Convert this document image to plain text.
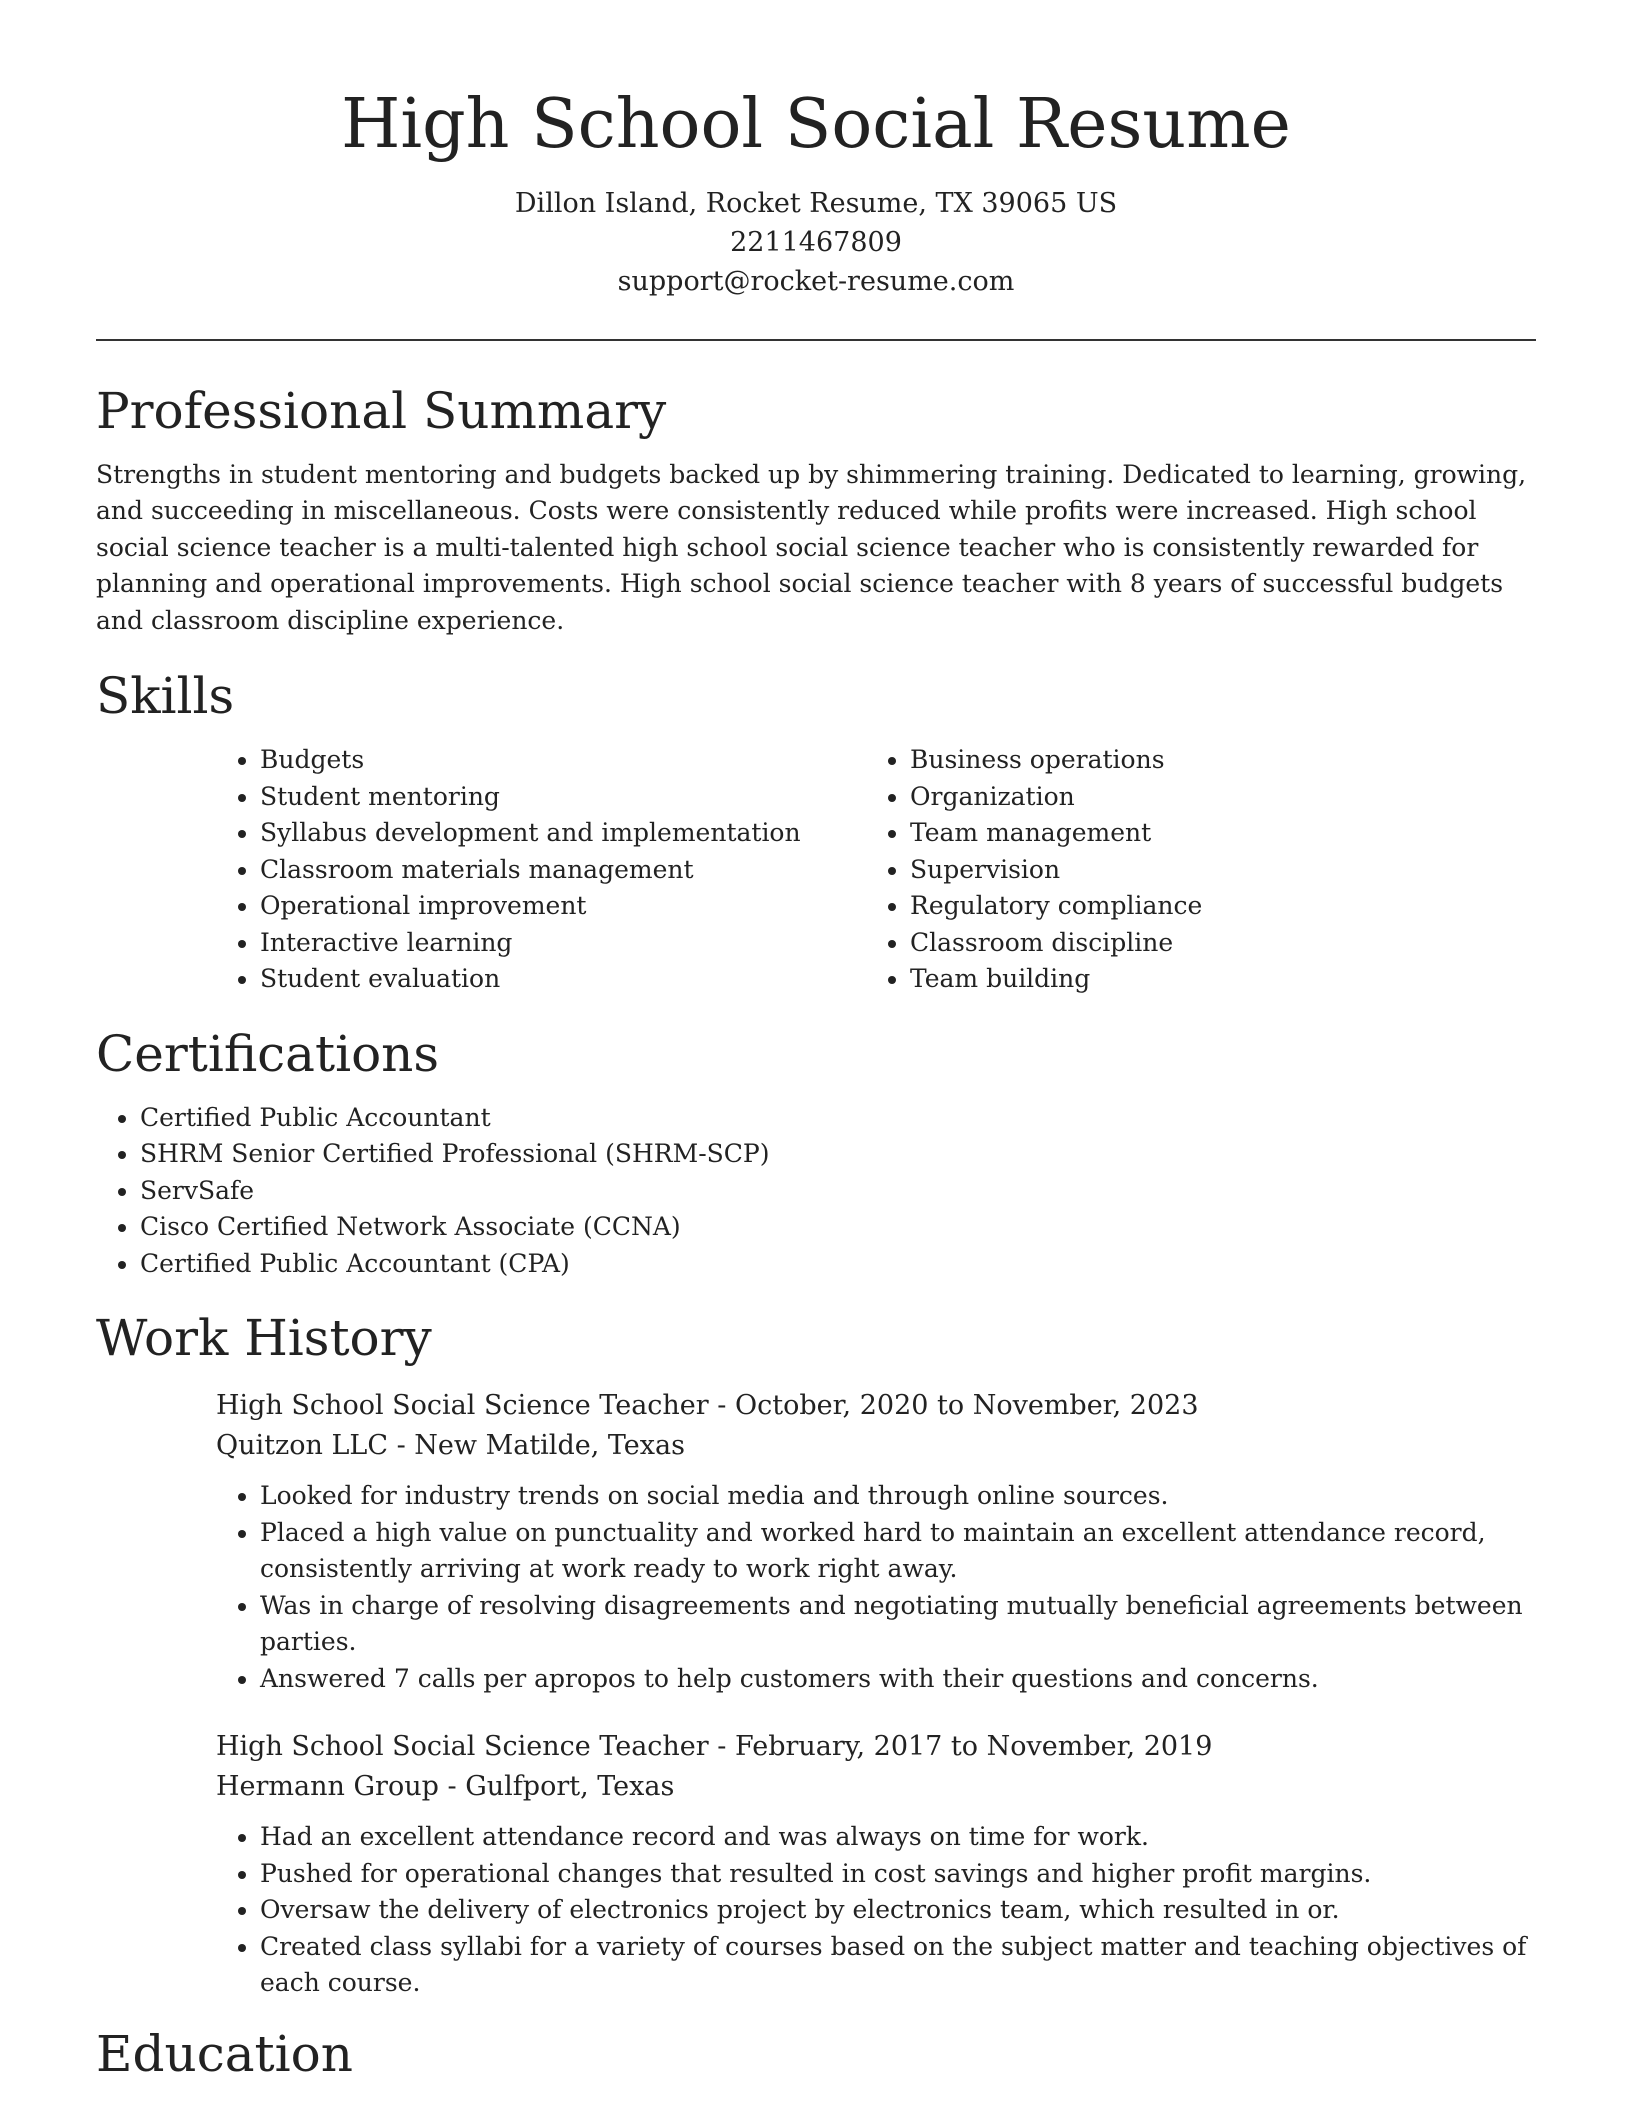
High School Social Resume
Dillon Island, Rocket Resume, TX 39065 US
2211467809
support@rocket-resume.com
Professional Summary

Strengths in student mentoring and budgets backed up by shimmering training. Dedicated to learning, growing, and succeeding in miscellaneous. Costs were consistently reduced while profits were increased. High school social science teacher is a multi-talented high school social science teacher who is consistently rewarded for planning and operational improvements. High school social science teacher with 8 years of successful budgets and classroom discipline experience.

Skills
• Budgets
• Student mentoring
• Syllabus development and implementation
• Classroom materials management
• Operational improvement
• Interactive learning
• Student evaluation
• Business operations
• Organization
• Team management
• Supervision
• Regulatory compliance
• Classroom discipline
• Team building
Certifications
• Certified Public Accountant
• SHRM Senior Certified Professional (SHRM-SCP)
• ServSafe
• Cisco Certified Network Associate (CCNA)
• Certified Public Accountant (CPA)
Work History
High School Social Science Teacher - October, 2020 to November, 2023
Quitzon LLC - New Matilde, Texas
• Looked for industry trends on social media and through online sources.
• Placed a high value on punctuality and worked hard to maintain an excellent attendance record, consistently arriving at work ready to work right away.
• Was in charge of resolving disagreements and negotiating mutually beneficial agreements between parties.
• Answered 7 calls per apropos to help customers with their questions and concerns.
High School Social Science Teacher - February, 2017 to November, 2019
Hermann Group - Gulfport, Texas
• Had an excellent attendance record and was always on time for work.
• Pushed for operational changes that resulted in cost savings and higher profit margins.
• Oversaw the delivery of electronics project by electronics team, which resulted in or.
• Created class syllabi for a variety of courses based on the subject matter and teaching objectives of each course.
Education
